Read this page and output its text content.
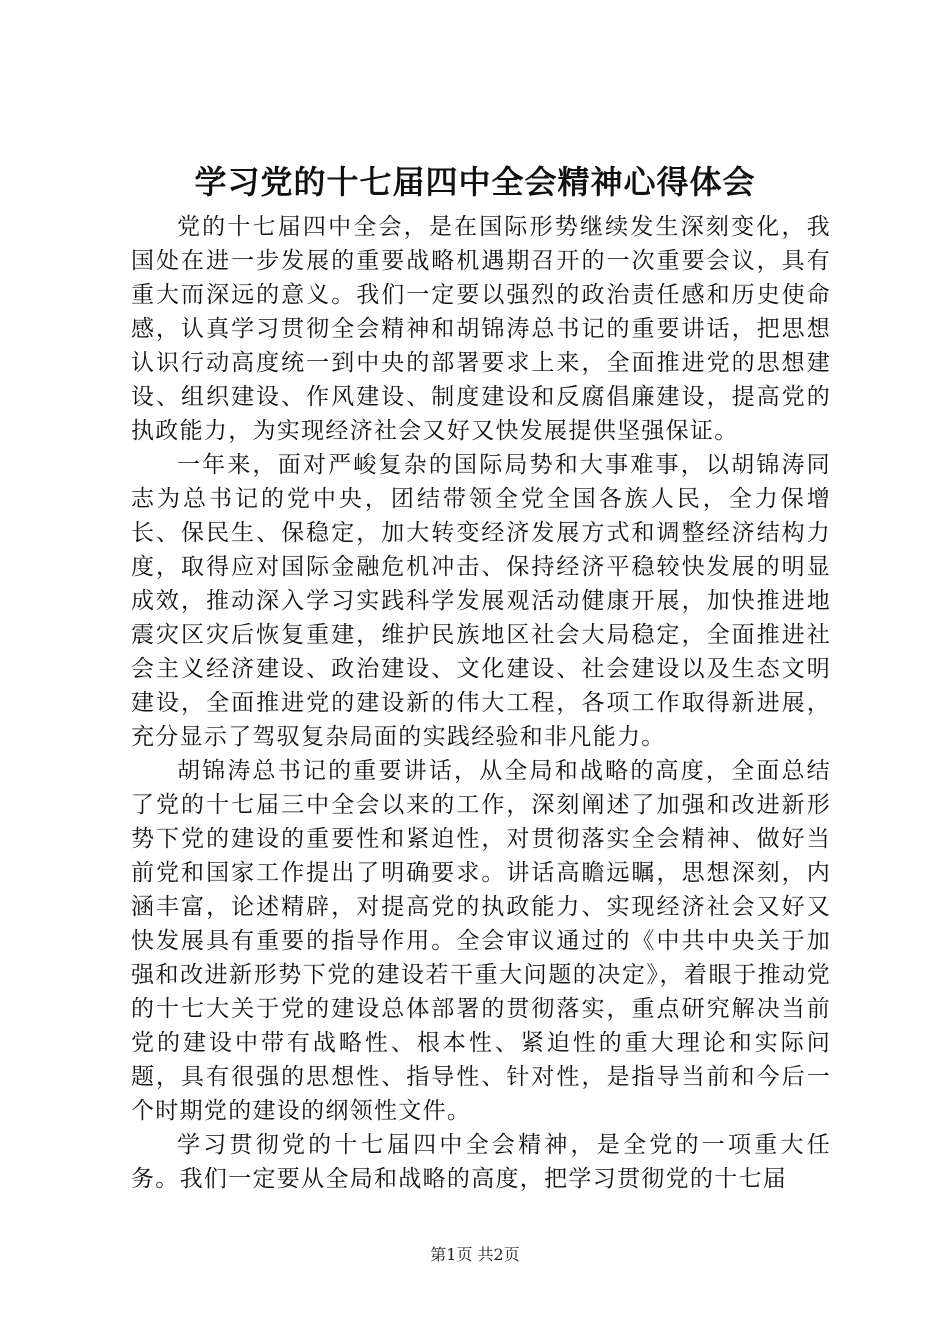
学习党的十七届四中全会精神心得体会

党的十七届四中全会，是在国际形势继续发生深刻变化，我国处在进一步发展的重要战略机遇期召开的一次重要会议，具有重大而深远的意义。我们一定要以强烈的政治责任感和历史使命感，认真学习贯彻全会精神和胡锦涛总书记的重要讲话，把思想认识行动高度统一到中央的部署要求上来，全面推进党的思想建设、组织建设、作风建设、制度建设和反腐倡廉建设，提高党的执政能力，为实现经济社会又好又快发展提供坚强保证。

一年来，面对严峻复杂的国际局势和大事难事，以胡锦涛同志为总书记的党中央，团结带领全党全国各族人民，全力保增长、保民生、保稳定，加大转变经济发展方式和调整经济结构力度，取得应对国际金融危机冲击、保持经济平稳较快发展的明显成效，推动深入学习实践科学发展观活动健康开展，加快推进地震灾区灾后恢复重建，维护民族地区社会大局稳定，全面推进社会主义经济建设、政治建设、文化建设、社会建设以及生态文明建设，全面推进党的建设新的伟大工程，各项工作取得新进展，充分显示了驾驭复杂局面的实践经验和非凡能力。

胡锦涛总书记的重要讲话，从全局和战略的高度，全面总结了党的十七届三中全会以来的工作，深刻阐述了加强和改进新形势下党的建设的重要性和紧迫性，对贯彻落实全会精神、做好当前党和国家工作提出了明确要求。讲话高瞻远瞩，思想深刻，内涵丰富，论述精辟，对提高党的执政能力、实现经济社会又好又快发展具有重要的指导作用。全会审议通过的《中共中央关于加强和改进新形势下党的建设若干重大问题的决定》，着眼于推动党的十七大关于党的建设总体部署的贯彻落实，重点研究解决当前党的建设中带有战略性、根本性、紧迫性的重大理论和实际问题，具有很强的思想性、指导性、针对性，是指导当前和今后一个时期党的建设的纲领性文件。

学习贯彻党的十七届四中全会精神，是全党的一项重大任务。我们一定要从全局和战略的高度，把学习贯彻党的十七届

第1页 共2页
